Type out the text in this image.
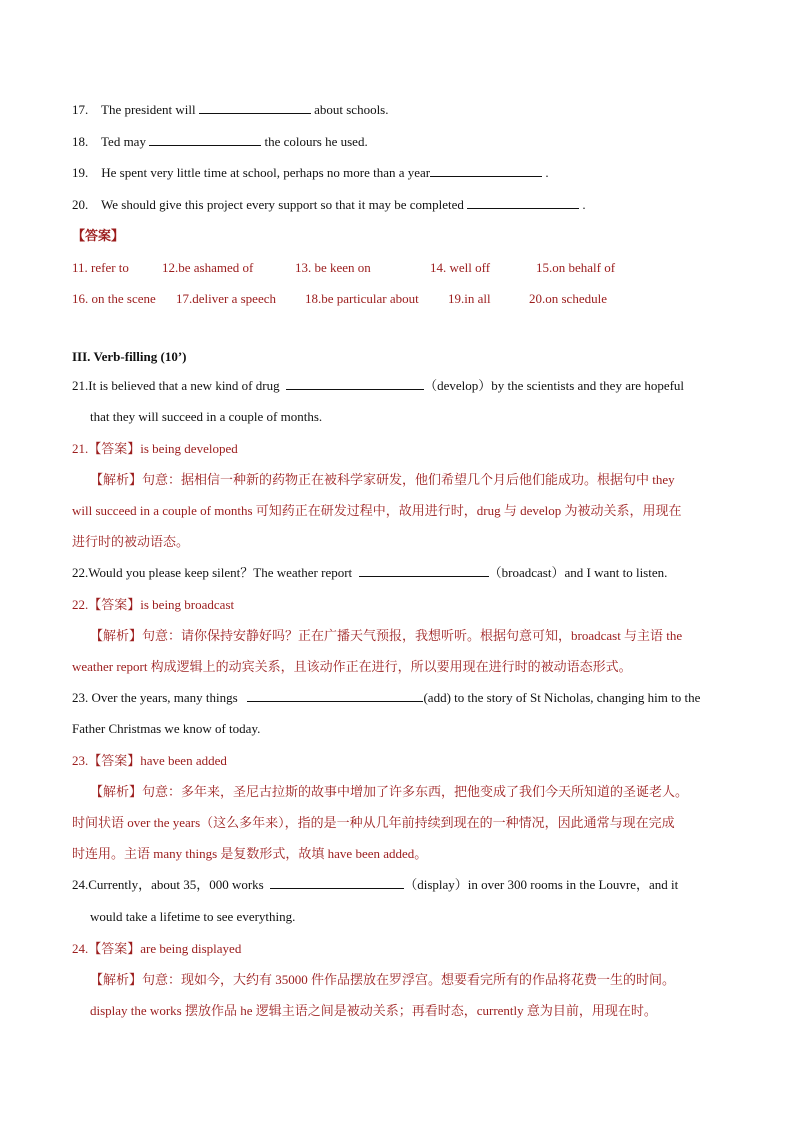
17. The president will	about schools.
18. Ted may	the colours he used.
19. He spent very little time at school, perhaps no more than a year	.
20. We should give this project every support so that it may be completed	.
【答案】
11. refer to	12.be ashamed of	13. be keen on	14. well off	15.on behalf of
16. on the scene 17.deliver a speech 18.be particular about 19.in all	20.on schedule
III. Verb-filling (10’)
21.It is believed that a new kind of drug	（develop）by the scientists and they are hopeful
that they will succeed in a couple of months.
21.【答案】is being developed
【解析】句意：据相信一种新的药物正在被科学家研发，他们希望几个月后他们能成功。根据句中 they
will succeed in a couple of months 可知药正在研发过程中，故用进行时，drug 与 develop 为被动关系，用现在
进行时的被动语态。
22.Would you please keep silent？The weather report	（broadcast）and I want to listen.
22.【答案】is being broadcast
【解析】句意：请你保持安静好吗？正在广播天气预报，我想听听。根据句意可知，broadcast 与主语 the
weather report 构成逻辑上的动宾关系，且该动作正在进行，所以要用现在进行时的被动语态形式。
23. Over the years, many things	(add) to the story of St Nicholas, changing him to the
Father Christmas we know of today.
23.【答案】have been added
【解析】句意：多年来，圣尼古拉斯的故事中增加了许多东西，把他变成了我们今天所知道的圣诞老人。
时间状语 over the years（这么多年来），指的是一种从几年前持续到现在的一种情况，因此通常与现在完成
时连用。主语 many things 是复数形式，故填 have been added。
24.Currently，about 35，000 works	（display）in over 300 rooms in the Louvre，and it
would take a lifetime to see everything.
24.【答案】are being displayed
【解析】句意：现如今，大约有 35000 件作品摆放在罗浮宫。想要看完所有的作品将花费一生的时间。
display the works 摆放作品 he 逻辑主语之间是被动关系；再看时态，currently 意为目前，用现在时。
